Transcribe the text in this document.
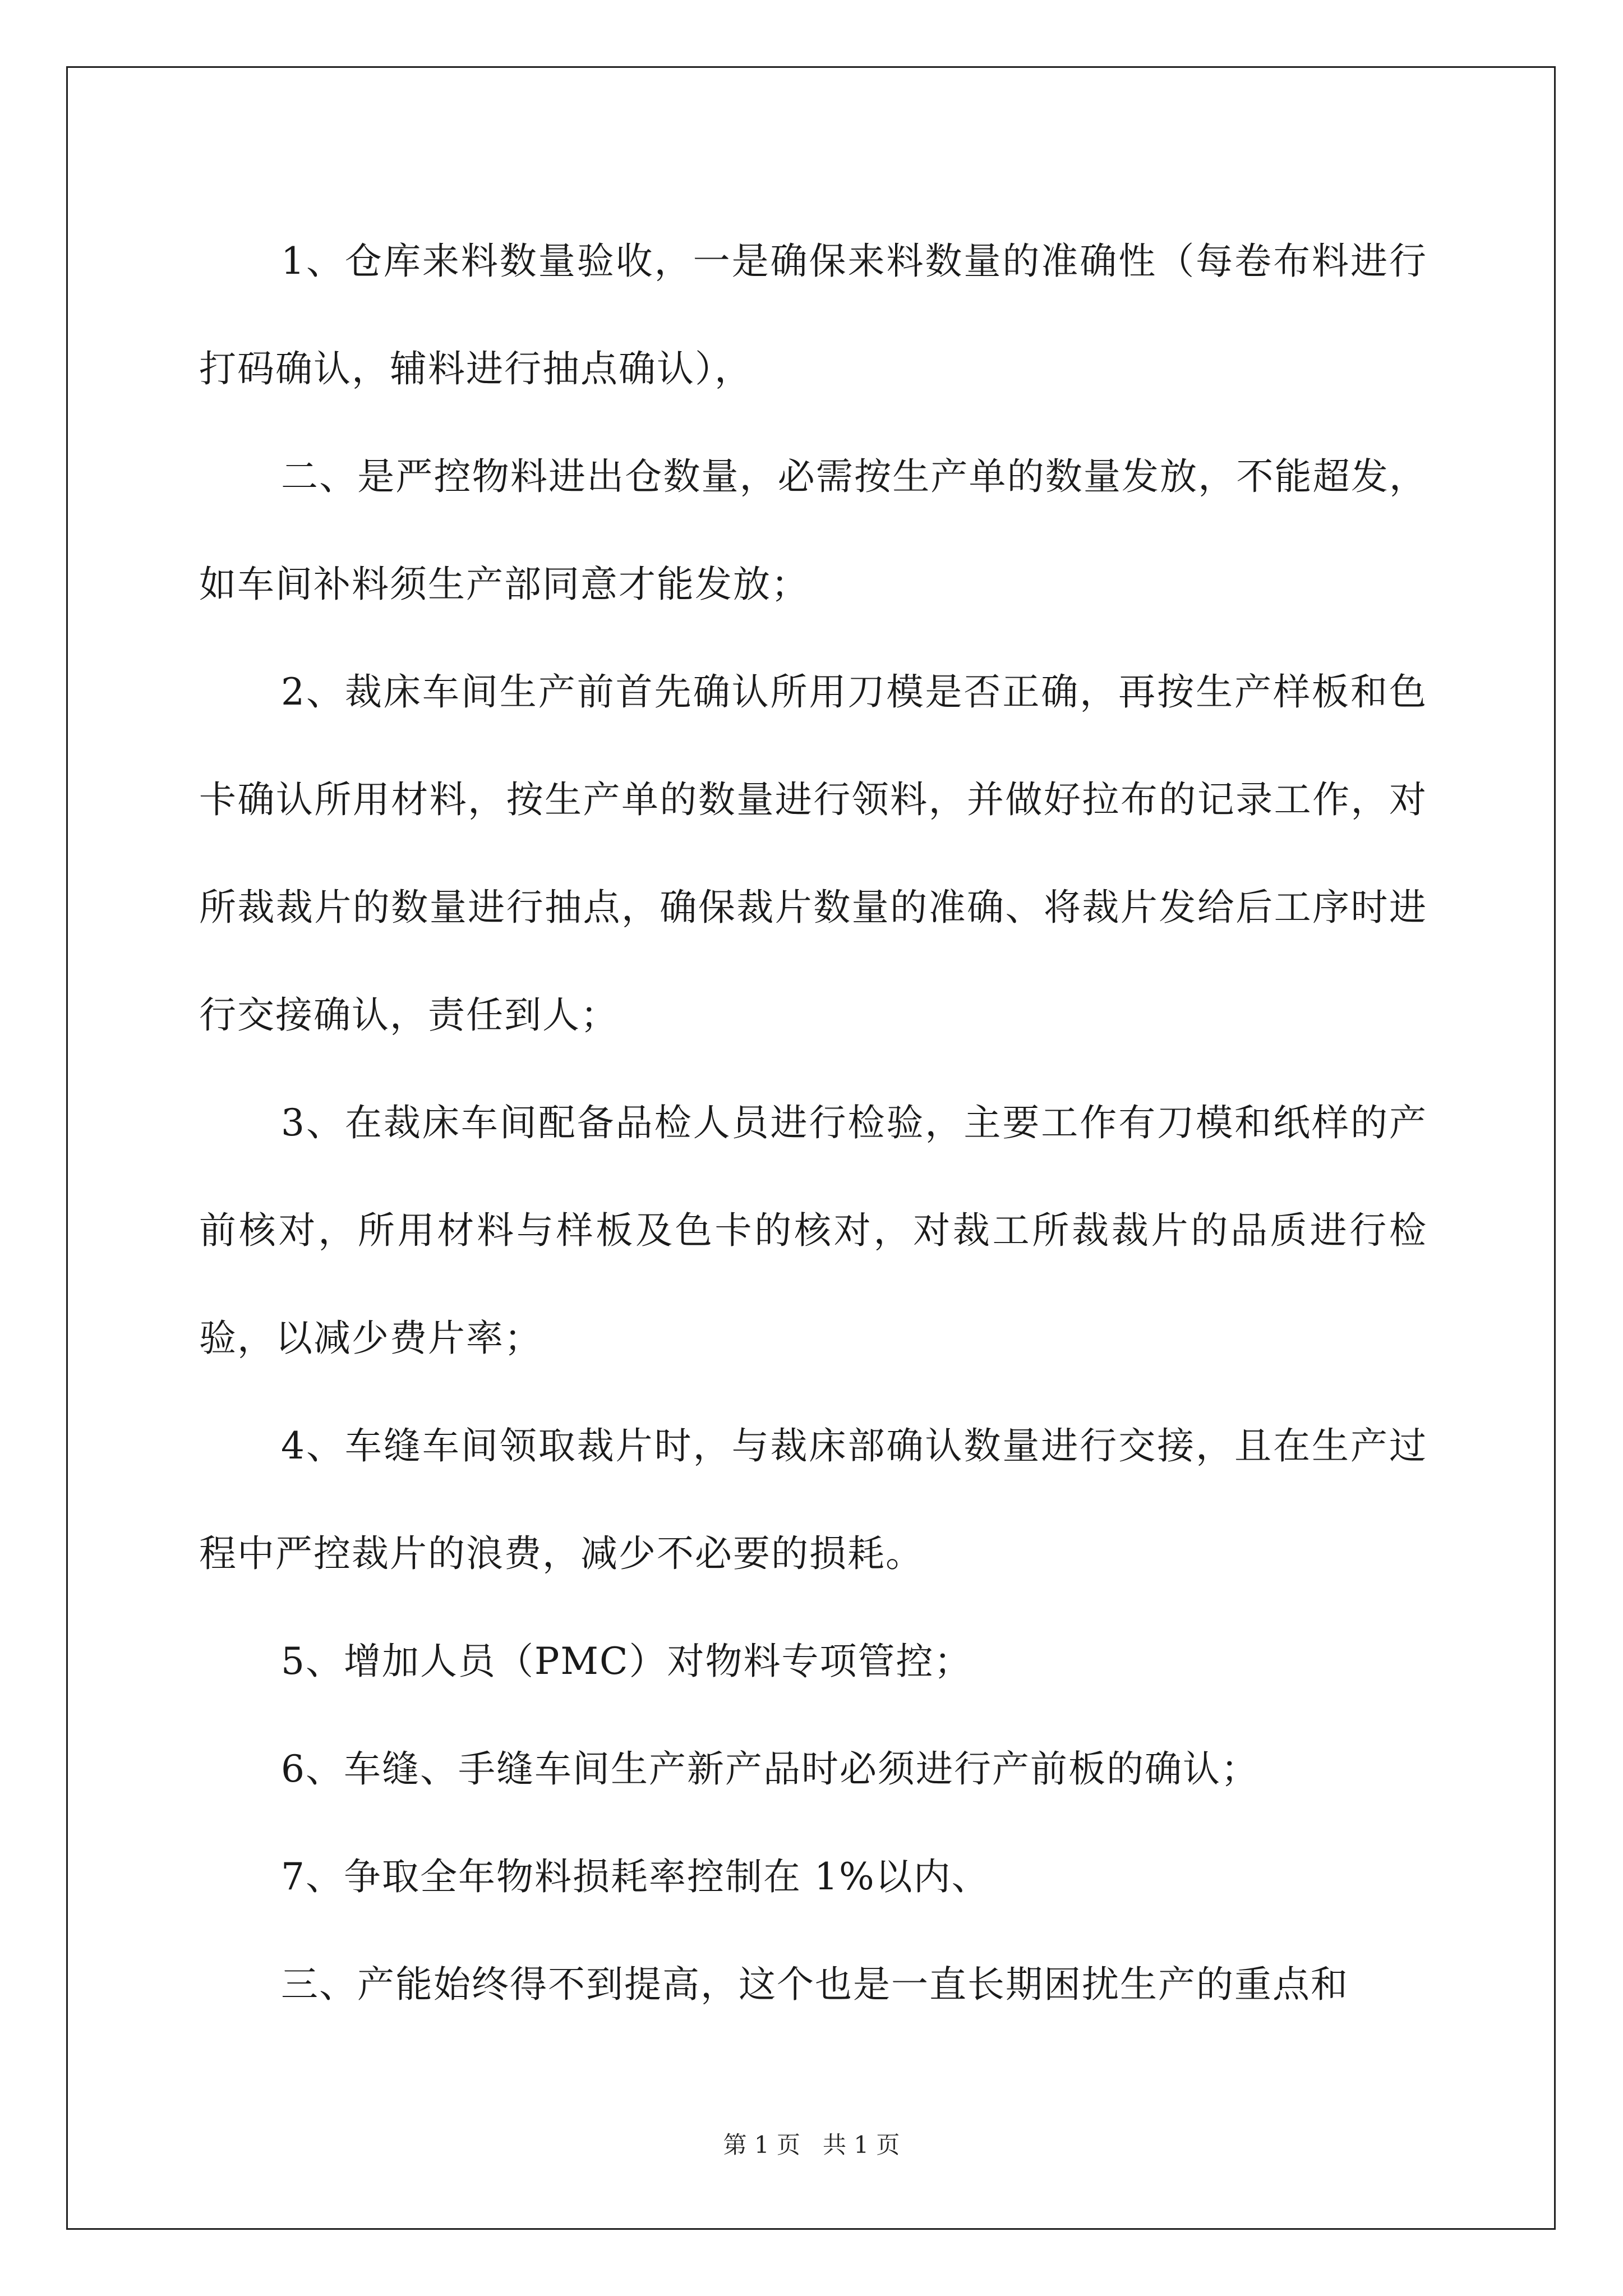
1、仓库来料数量验收，一是确保来料数量的准确性（每卷布料进行打码确认，辅料进行抽点确认），

二、是严控物料进出仓数量，必需按生产单的数量发放，不能超发，如车间补料须生产部同意才能发放；

2、裁床车间生产前首先确认所用刀模是否正确，再按生产样板和色卡确认所用材料，按生产单的数量进行领料，并做好拉布的记录工作，对所裁裁片的数量进行抽点，确保裁片数量的准确、将裁片发给后工序时进行交接确认，责任到人；

3、在裁床车间配备品检人员进行检验，主要工作有刀模和纸样的产前核对，所用材料与样板及色卡的核对，对裁工所裁裁片的品质进行检验，以减少费片率；

4、车缝车间领取裁片时，与裁床部确认数量进行交接，且在生产过程中严控裁片的浪费，减少不必要的损耗。

5、增加人员（PMC）对物料专项管控；

6、车缝、手缝车间生产新产品时必须进行产前板的确认；

7、争取全年物料损耗率控制在 1%以内、

三、产能始终得不到提高，这个也是一直长期困扰生产的重点和

第 1 页 共 1 页
